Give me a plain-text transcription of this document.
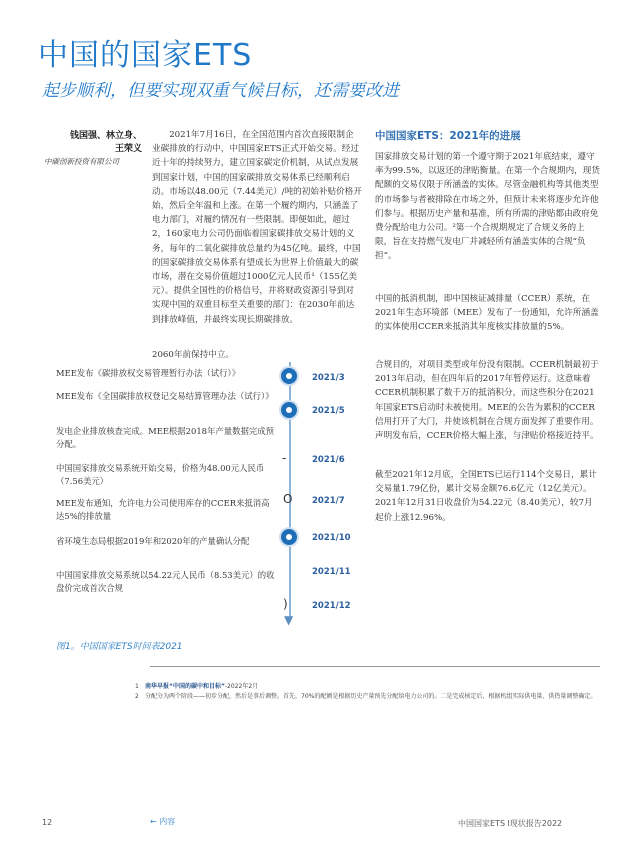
中国的国家ETS
起步顺利，但要实现双重气候目标，还需要改进
钱国强、林立身、
王荣义
中碳创新投资有限公司

2021年7月16日，在全国范围内首次直接限制企业碳排放的行动中，中国国家ETS正式开始交易。经过近十年的持续努力，建立国家碳定价机制，从试点发展到国家计划，中国的国家碳排放交易体系已经顺利启动。市场以48.00元（7.44美元）/吨的初始补贴价格开始，然后全年温和上涨。在第一个履约期内，只涵盖了电力部门，对履约情况有一些限制。即便如此，超过2，160家电力公司仍面临着国家碳排放交易计划的义务，每年的二氧化碳排放总量约为45亿吨。最终，中国的国家碳排放交易体系有望成长为世界上价值最大的碳市场，潜在交易价值超过1000亿元人民币¹（155亿美元）。提供全国性的价格信号，并将财政资源引导到对实现中国的双重目标至关重要的部门：在2030年前达到排放峰值，并最终实现长期碳排放。

2060年前保持中立。
中国国家ETS：2021年的进展

国家排放交易计划的第一个遵守期于2021年底结束，遵守率为99.5%，以返还的津贴衡量。在第一个合规期内，现货配额的交易仅限于所涵盖的实体。尽管金融机构等其他类型的市场参与者被排除在市场之外，但预计未来将逐步允许他们参与。根据历史产量和基准，所有所需的津贴都由政府免费分配给电力公司。²第一个合规期规定了合规义务的上限，旨在支持燃气发电厂并减轻所有涵盖实体的合规“负担”。

中国的抵消机制，即中国核证减排量（CCER）系统，在2021年生态环境部（MEE）发布了一份通知，允许所涵盖的实体使用CCER来抵消其年度核实排放量的5%。

合规目的，对项目类型或年份没有限制。CCER机制最初于2013年启动，但在四年后的2017年暂停运行。这意味着CCER机制积累了数千万的抵消积分，而这些积分在2021年国家ETS启动时未被使用。MEE的公告为累积的CCER信用打开了大门，并使该机制在合规方面发挥了重要作用。声明发布后，CCER价格大幅上涨，与津贴价格接近持平。

截至2021年12月底，全国ETS已运行114个交易日，累计交易量1.79亿份，累计交易金额76.6亿元（12亿美元）。2021年12月31日收盘价为54.22元（8.40美元），较7月起价上涨12.96%。

▼
-
O
)
MEE发布《碳排放权交易管理暂行办法（试行）》	2021/3
MEE发布《全国碳排放权登记交易结算管理办法（试行）》
2021/5
发电企业排放核查完成。MEE根据2018年产量数据完成预分配。
2021/6
中国国家排放交易系统开始交易，价格为48.00元人民币（7.56美元）
2021/7
MEE发布通知，允许电力公司使用库存的CCER来抵消高达5%的排放量
2021/10
省环境生态局根据2019年和2020年的产量确认分配
2021/11
中国国家排放交易系统以54.22元人民币（8.53美元）的收盘价完成首次合规
2021/12
图1。中国国家ETS时间表2021
1 南华早报“中国的碳中和目标”-2022年2月
2 分配分为两个阶段——初步分配，然后是事后调整。首先，70%的配额是根据历史产量预先分配给电力公司的。二是完成核定后，根据机组实际供电量、供热量调整确定。
12	← 内容	中国国家ETS l现状报告2022
